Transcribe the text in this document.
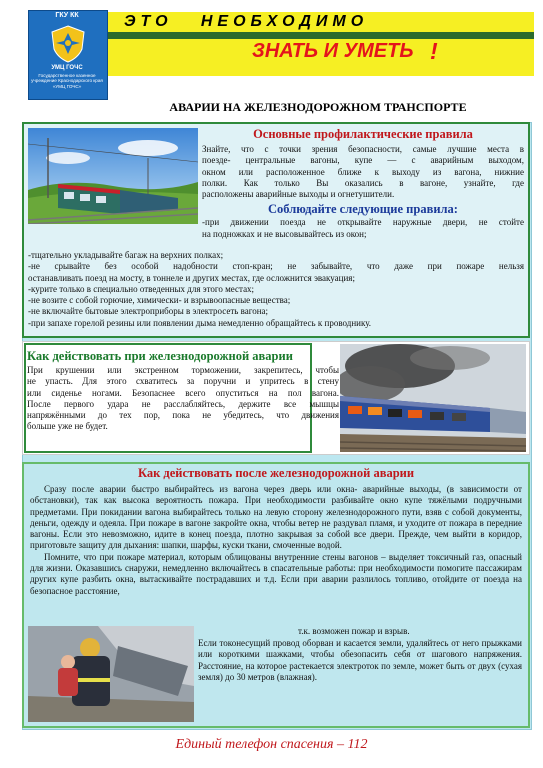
ГКУ КК
УМЦ ГОЧС
Государственное казенное учреждение Краснодарского края «УМЦ ГОЧС»
ЭТО   НЕОБХОДИМО
ЗНАТЬ И УМЕТЬ !
АВАРИИ НА ЖЕЛЕЗНОДОРОЖНОМ ТРАНСПОРТЕ
Основные профилактические правила
Знайте, что с точки зрения безопасности, самые лучшие места в
поезде- центральные вагоны, купе — с аварийным выходом,
окном или расположенное ближе к выходу из вагона, нижние
полки. Как только Вы оказались в вагоне, узнайте, где
расположены аварийные выходы и огнетушители.
Соблюдайте следующие правила:
-при движении поезда не открывайте наружные двери, не стойте
на подножках и не высовывайтесь из окон;
-тщательно укладывайте багаж на верхних полках;
-не срывайте без особой надобности стоп-кран; не забывайте, что даже при пожаре нельзя
останавливать поезд на мосту, в тоннеле и других местах, где осложнится эвакуация;
-курите только в специально отведенных для этого местах;
-не возите с собой горючие, химически- и взрывоопасные вещества;
-не включайте бытовые электроприборы в электросеть вагона;
-при запахе горелой резины или появлении дыма немедленно обращайтесь к проводнику.
Как действовать при железнодорожной аварии
При крушении или экстренном торможении, закрепитесь, чтобы
не упасть. Для этого схватитесь за поручни и упритесь в стену
или сиденье ногами. Безопаснее всего опуститься на пол вагона.
После первого удара не расслабляйтесь, держите все мышцы
напряжёнными до тех пор, пока не убедитесь, что движения
больше уже не будет.
Как действовать после железнодорожной аварии

Сразу после аварии быстро выбирайтесь из вагона через дверь или окна- аварийные выходы, (в зависимости от обстановки), так как высока вероятность пожара. При необходимости разбивайте окно купе тяжёлыми подручными предметами. При покидании вагона выбирайтесь только на левую сторону железнодорожного пути, взяв с собой документы, деньги, одежду и одеяла. При пожаре в вагоне закройте окна, чтобы ветер не раздувал пламя, и уходите от пожара в передние вагоны. Если это невозможно, идите в конец поезда, плотно закрывая за собой все двери. Прежде, чем выйти в коридор, приготовьте защиту для дыхания: шапки, шарфы, куски ткани, смоченные водой.

Помните, что при пожаре материал, которым облицованы внутренние стены вагонов – выделяет токсичный газ, опасный для жизни. Оказавшись снаружи, немедленно включайтесь в спасательные работы: при необходимости помогите пассажирам других купе разбить окна, вытаскивайте пострадавших и т.д. Если при аварии разлилось топливо, отойдите от поезда на безопасное расстояние,

т.к. возможен пожар и взрыв.
Если токонесущий провод оборван и касается земли, удаляйтесь от него прыжками или короткими шажками, чтобы обезопасить себя от шагового напряжения. Расстояние, на которое растекается электроток по земле, может быть от двух (сухая земля) до 30 метров (влажная).
Единый телефон спасения – 112
